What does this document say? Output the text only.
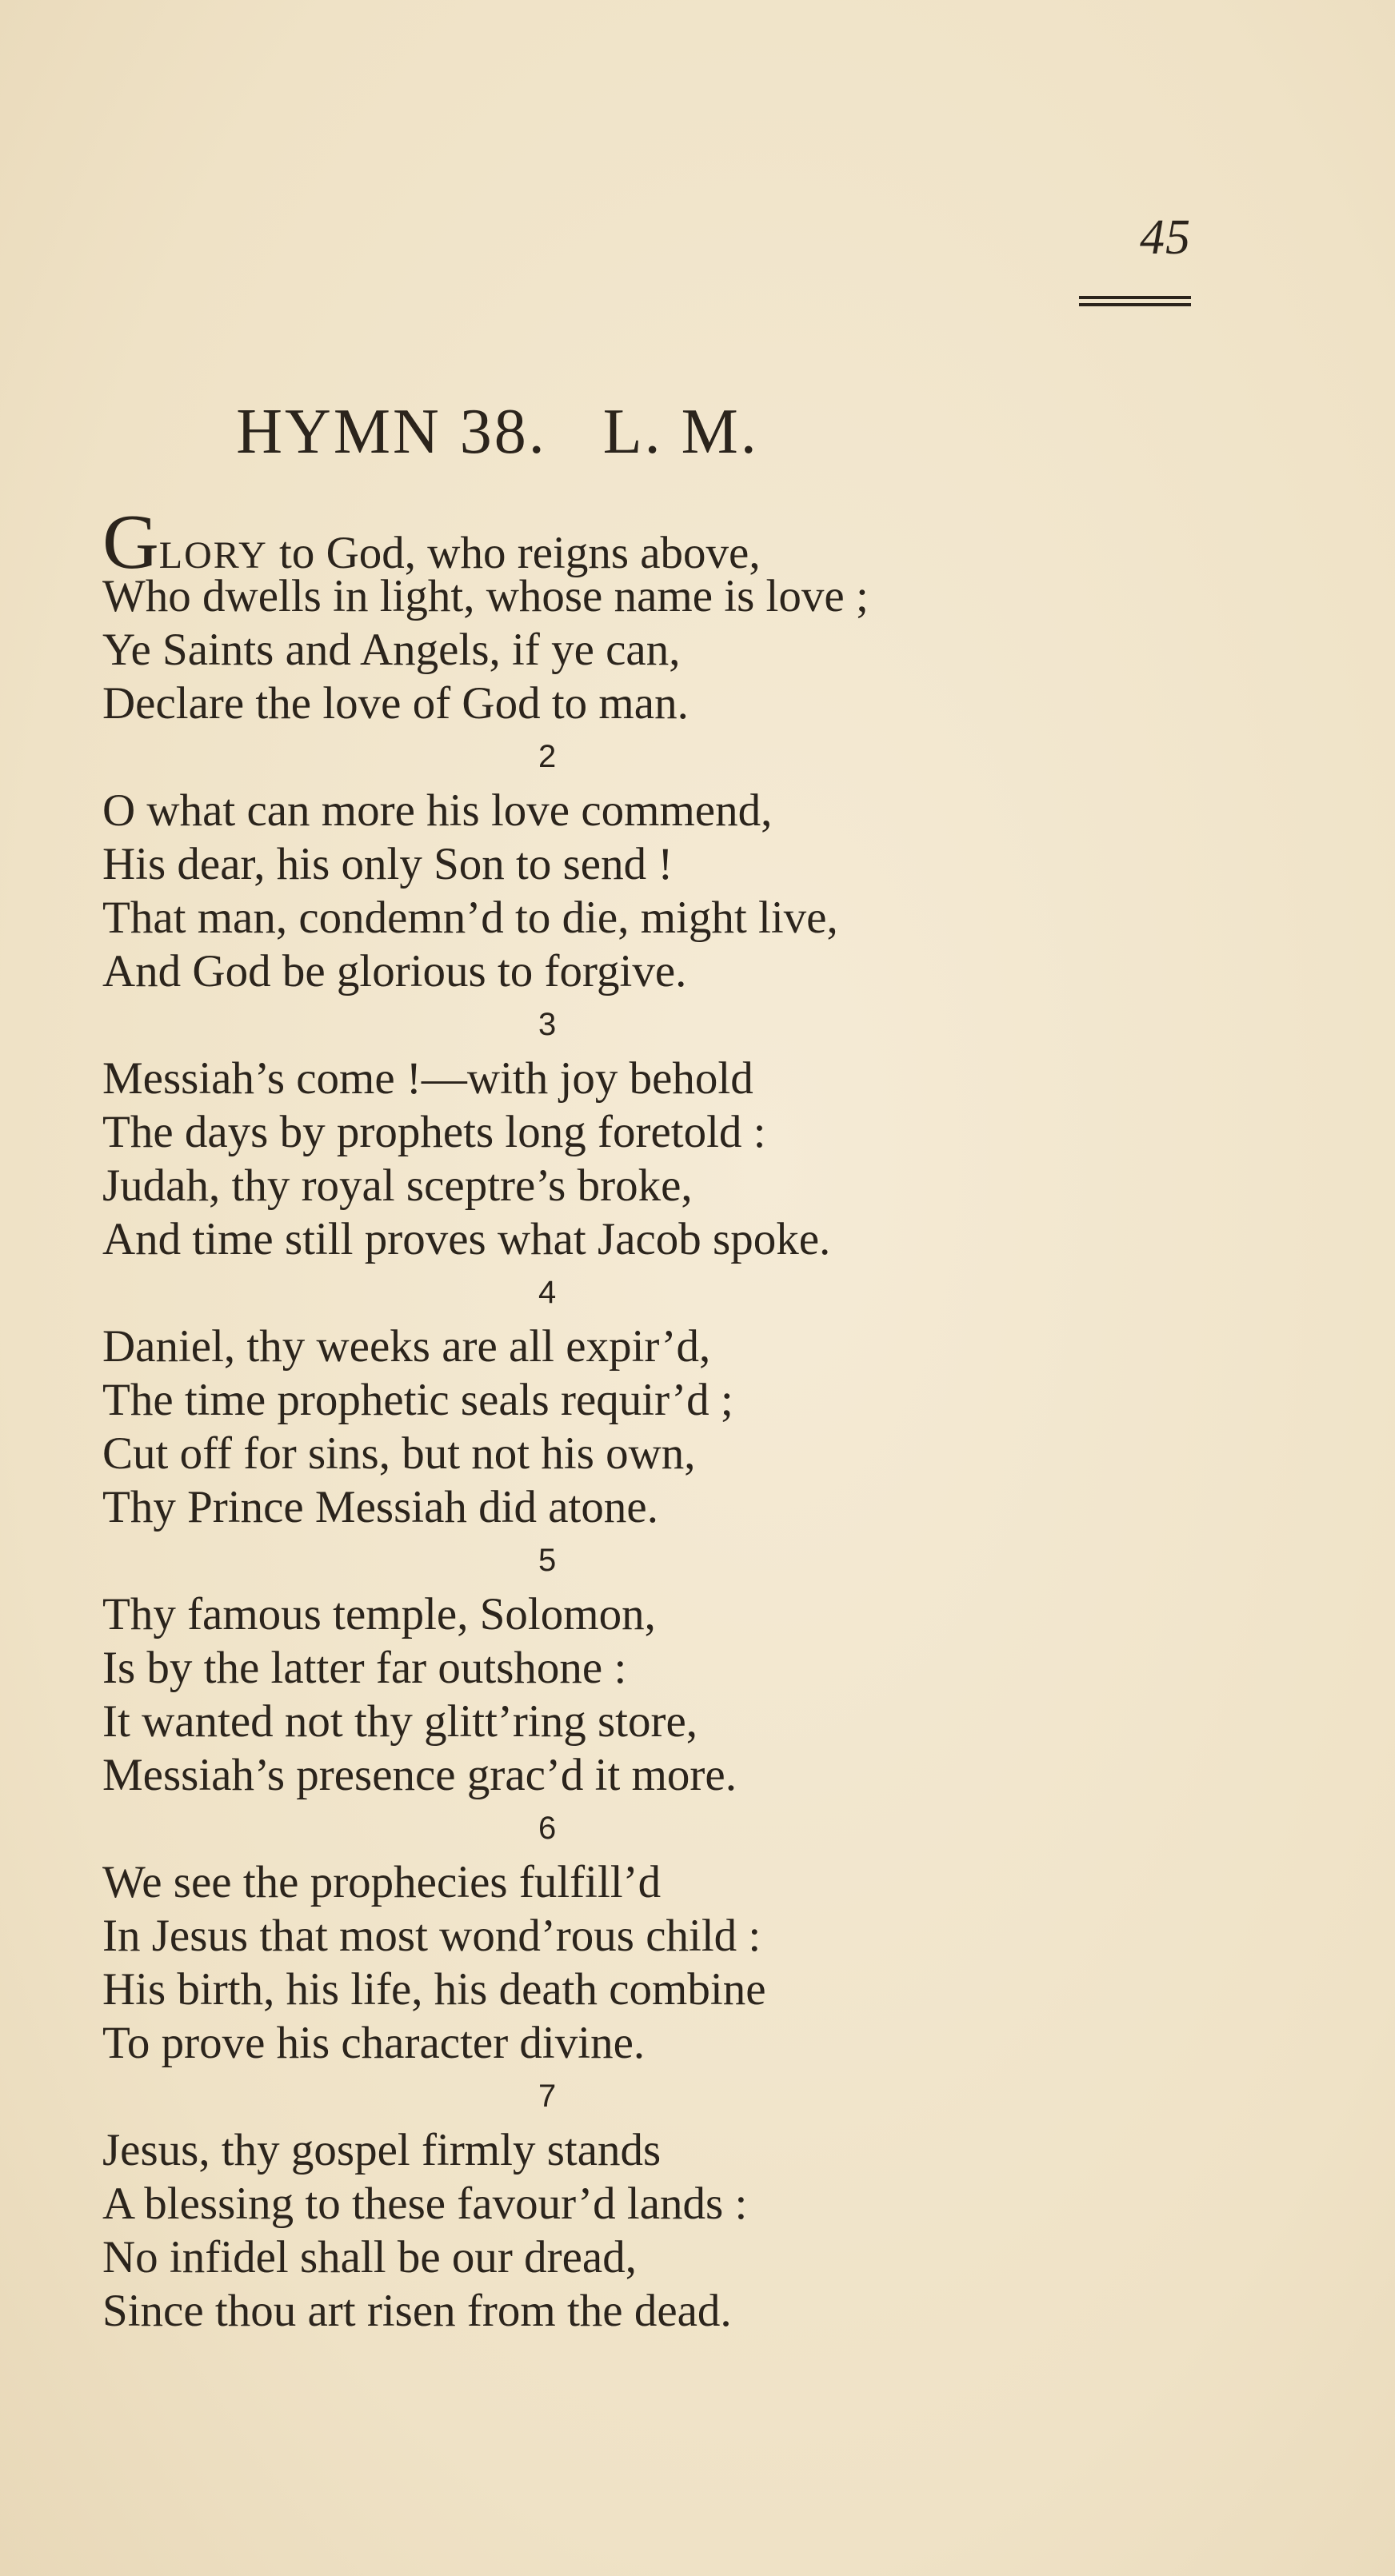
45
HYMN 38. L. M.
GLORY to God, who reigns above,
Who dwells in light, whose name is love ;
Ye Saints and Angels, if ye can,
Declare the love of God to man.
2
O what can more his love commend,
His dear, his only Son to send !
That man, condemn’d to die, might live,
And God be glorious to forgive.
3
Messiah’s come !—with joy behold
The days by prophets long foretold :
Judah, thy royal sceptre’s broke,
And time still proves what Jacob spoke.
4
Daniel, thy weeks are all expir’d,
The time prophetic seals requir’d ;
Cut off for sins, but not his own,
Thy Prince Messiah did atone.
5
Thy famous temple, Solomon,
Is by the latter far outshone :
It wanted not thy glitt’ring store,
Messiah’s presence grac’d it more.
6
We see the prophecies fulfill’d
In Jesus that most wond’rous child :
His birth, his life, his death combine
To prove his character divine.
7
Jesus, thy gospel firmly stands
A blessing to these favour’d lands :
No infidel shall be our dread,
Since thou art risen from the dead.
